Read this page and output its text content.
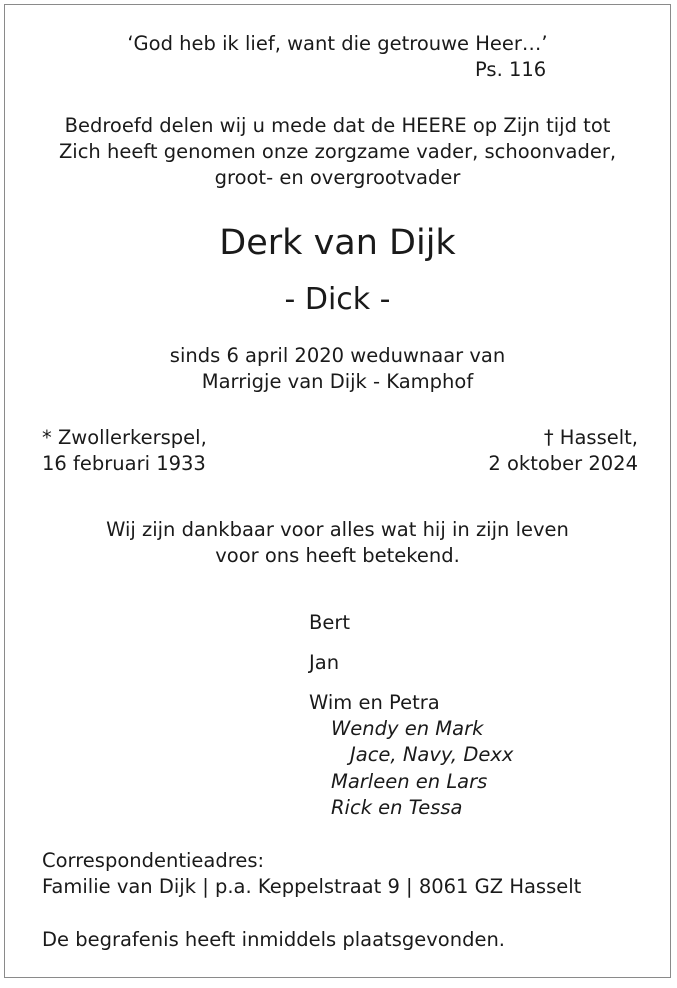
‘God heb ik lief, want die getrouwe Heer…’

Ps. 116

Bedroefd delen wij u mede dat de HEERE op Zijn tijd tot
Zich heeft genomen onze zorgzame vader, schoonvader,
groot- en overgrootvader

Derk van Dijk

- Dick -

sinds 6 april 2020 weduwnaar van
Marrigje van Dijk - Kamphof

* Zwollerkerspel,

16 februari 1933

† Hasselt,

2 oktober 2024

Wij zijn dankbaar voor alles wat hij in zijn leven
voor ons heeft betekend.

Bert

Jan

Wim en Petra

Wendy en Mark

Jace, Navy, Dexx

Marleen en Lars

Rick en Tessa

Correspondentieadres:

Familie van Dijk | p.a. Keppelstraat 9 | 8061 GZ Hasselt

De begrafenis heeft inmiddels plaatsgevonden.
